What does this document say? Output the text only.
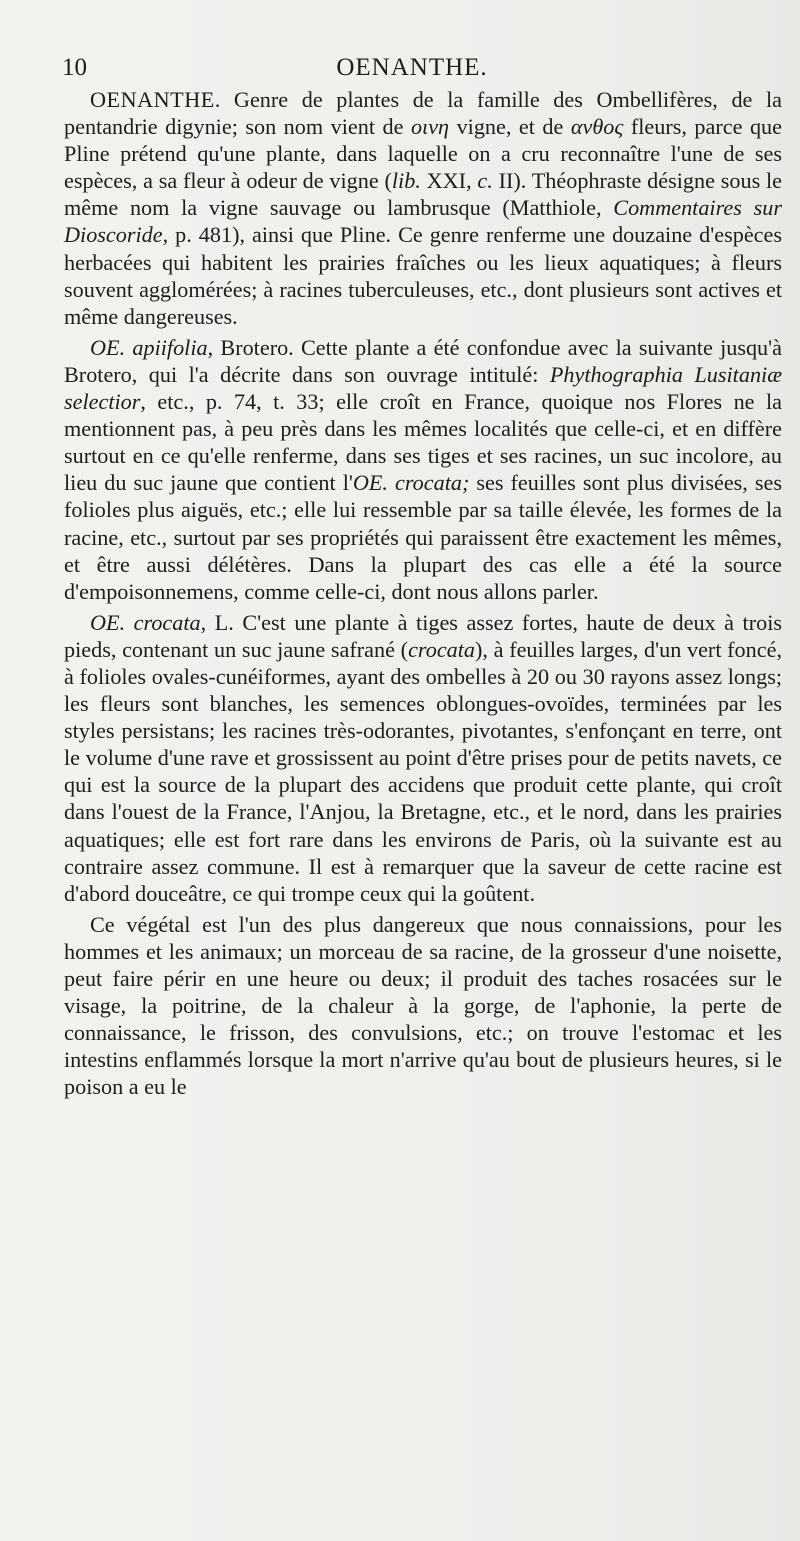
10	OENANTHE.

OENANTHE. Genre de plantes de la famille des Ombellifères, de la pentandrie digynie; son nom vient de οινη vigne, et de ανθος fleurs, parce que Pline prétend qu'une plante, dans laquelle on a cru reconnaître l'une de ses espèces, a sa fleur à odeur de vigne (lib. XXI, c. II). Théophraste désigne sous le même nom la vigne sauvage ou lambrusque (Matthiole, Commentaires sur Dioscoride, p. 481), ainsi que Pline. Ce genre renferme une douzaine d'espèces herbacées qui habitent les prairies fraîches ou les lieux aquatiques; à fleurs souvent agglomérées; à racines tuberculeuses, etc., dont plusieurs sont actives et même dangereuses.

OE. apiifolia, Brotero. Cette plante a été confondue avec la suivante jusqu'à Brotero, qui l'a décrite dans son ouvrage intitulé: Phythographia Lusitaniæ selectior, etc., p. 74, t. 33; elle croît en France, quoique nos Flores ne la mentionnent pas, à peu près dans les mêmes localités que celle-ci, et en diffère surtout en ce qu'elle renferme, dans ses tiges et ses racines, un suc incolore, au lieu du suc jaune que contient l'OE. crocata; ses feuilles sont plus divisées, ses folioles plus aiguës, etc.; elle lui ressemble par sa taille élevée, les formes de la racine, etc., surtout par ses propriétés qui paraissent être exactement les mêmes, et être aussi délétères. Dans la plupart des cas elle a été la source d'empoisonnemens, comme celle-ci, dont nous allons parler.

OE. crocata, L. C'est une plante à tiges assez fortes, haute de deux à trois pieds, contenant un suc jaune safrané (crocata), à feuilles larges, d'un vert foncé, à folioles ovales-cunéiformes, ayant des ombelles à 20 ou 30 rayons assez longs; les fleurs sont blanches, les semences oblongues-ovoïdes, terminées par les styles persistans; les racines très-odorantes, pivotantes, s'enfonçant en terre, ont le volume d'une rave et grossissent au point d'être prises pour de petits navets, ce qui est la source de la plupart des accidens que produit cette plante, qui croît dans l'ouest de la France, l'Anjou, la Bretagne, etc., et le nord, dans les prairies aquatiques; elle est fort rare dans les environs de Paris, où la suivante est au contraire assez commune. Il est à remarquer que la saveur de cette racine est d'abord douceâtre, ce qui trompe ceux qui la goûtent.

Ce végétal est l'un des plus dangereux que nous connaissions, pour les hommes et les animaux; un morceau de sa racine, de la grosseur d'une noisette, peut faire périr en une heure ou deux; il produit des taches rosacées sur le visage, la poitrine, de la chaleur à la gorge, de l'aphonie, la perte de connaissance, le frisson, des convulsions, etc.; on trouve l'estomac et les intestins enflammés lorsque la mort n'arrive qu'au bout de plusieurs heures, si le poison a eu le
